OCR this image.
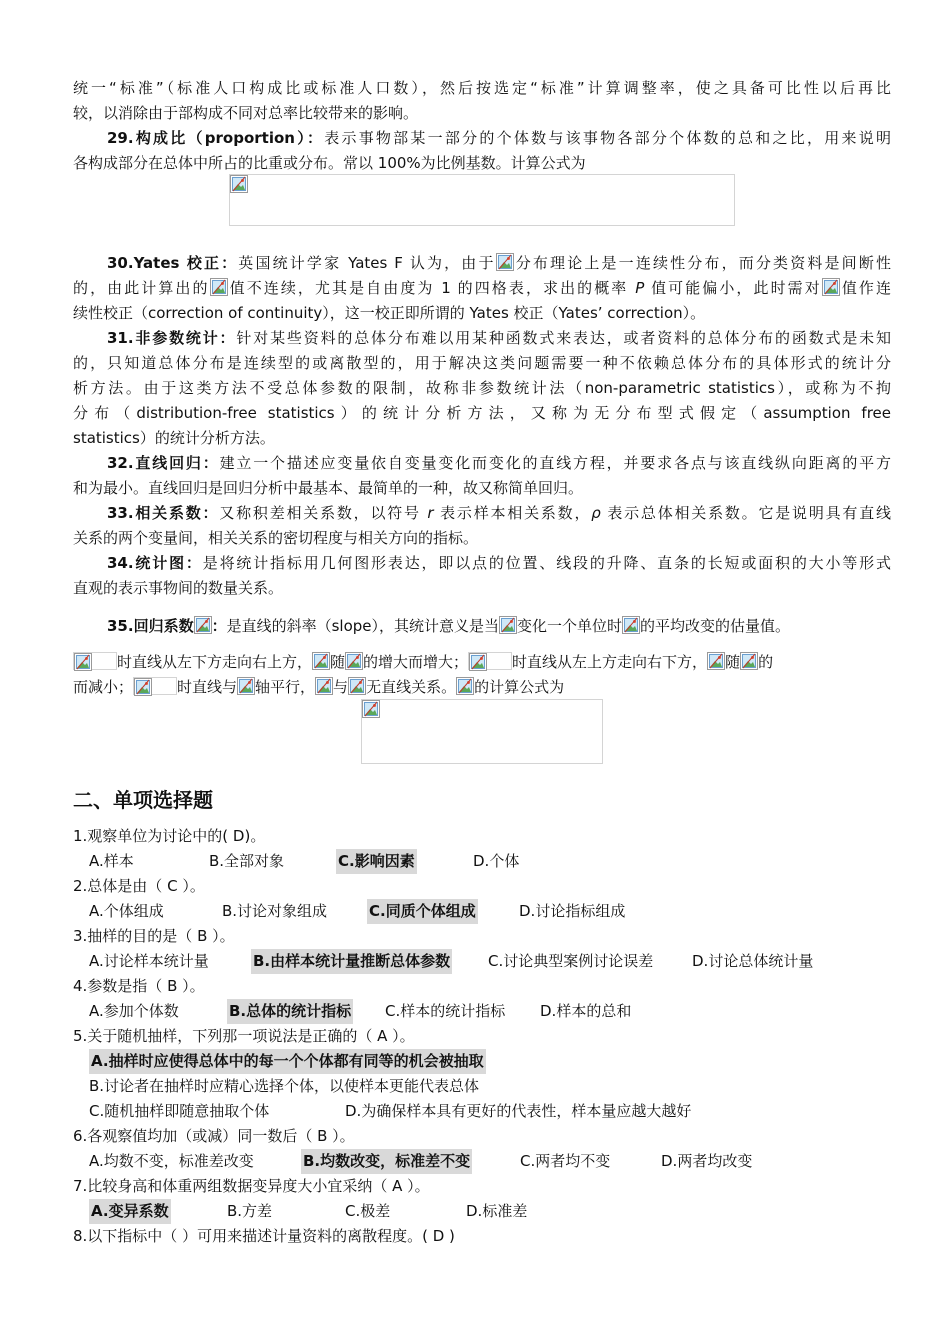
统一“标准”（标准人口构成比或标准人口数），然后按选定“标准”计算调整率，使之具备可比性以后再比
较，以消除由于部构成不同对总率比较带来的影响。
29.构成比（proportion）：表示事物部某一部分的个体数与该事物各部分个体数的总和之比，用来说明
各构成部分在总体中所占的比重或分布。常以 100%为比例基数。计算公式为
30.Yates 校正：英国统计学家 Yates F 认为，由于 分布理论上是一连续性分布，而分类资料是间断性
的，由此计算出的 值不连续，尤其是自由度为 1 的四格表，求出的概率 P 值可能偏小，此时需对 值作连
续性校正（correction of continuity），这一校正即所谓的 Yates 校正（Yates’ correction）。
31.非参数统计：针对某些资料的总体分布难以用某种函数式来表达，或者资料的总体分布的函数式是未知
的，只知道总体分布是连续型的或离散型的，用于解决这类问题需要一种不依赖总体分布的具体形式的统计分
析方法。由于这类方法不受总体参数的限制，故称非参数统计法（non-parametric statistics），或称为不拘
分布（distribution-free statistics）的统计分析方法，又称为无分布型式假定（assumption free
statistics）的统计分析方法。
32.直线回归：建立一个描述应变量依自变量变化而变化的直线方程，并要求各点与该直线纵向距离的平方
和为最小。直线回归是回归分析中最基本、最简单的一种，故又称简单回归。
33.相关系数：又称积差相关系数，以符号 r 表示样本相关系数，ρ 表示总体相关系数。它是说明具有直线
关系的两个变量间，相关关系的密切程度与相关方向的指标。
34.统计图：是将统计指标用几何图形表达，即以点的位置、线段的升降、直条的长短或面积的大小等形式
直观的表示事物间的数量关系。
35.回归系数 ：是直线的斜率（slope），其统计意义是当 变化一个单位时 的平均改变的估量值。
时直线从左下方走向右上方， 随 的增大而增大；	时直线从左上方走向右下方， 随 的
而减小；	时直线与 轴平行， 与 无直线关系。 的计算公式为
二、单项选择题
1.观察单位为讨论中的( D)。
A.样本	B.全部对象	C.影响因素	D.个体
2.总体是由（ C ）。
A.个体组成	B.讨论对象组成	C.同质个体组成	D.讨论指标组成
3.抽样的目的是（ B ）。
A.讨论样本统计量	B.由样本统计量推断总体参数	C.讨论典型案例讨论误差	D.讨论总体统计量
4.参数是指（ B ）。
A.参加个体数	B.总体的统计指标 C.样本的统计指标 D.样本的总和
5.关于随机抽样，下列那一项说法是正确的（ A ）。
A.抽样时应使得总体中的每一个个体都有同等的机会被抽取
B.讨论者在抽样时应精心选择个体，以使样本更能代表总体
C.随机抽样即随意抽取个体	D.为确保样本具有更好的代表性，样本量应越大越好
6.各观察值均加（或减）同一数后（ B ）。
A.均数不变，标准差改变	B.均数改变，标准差不变	C.两者均不变	D.两者均改变
7.比较身高和体重两组数据变异度大小宜采纳（ A ）。
A.变异系数	B.方差	C.极差	D.标准差
8.以下指标中（ ）可用来描述计量资料的离散程度。( D )
